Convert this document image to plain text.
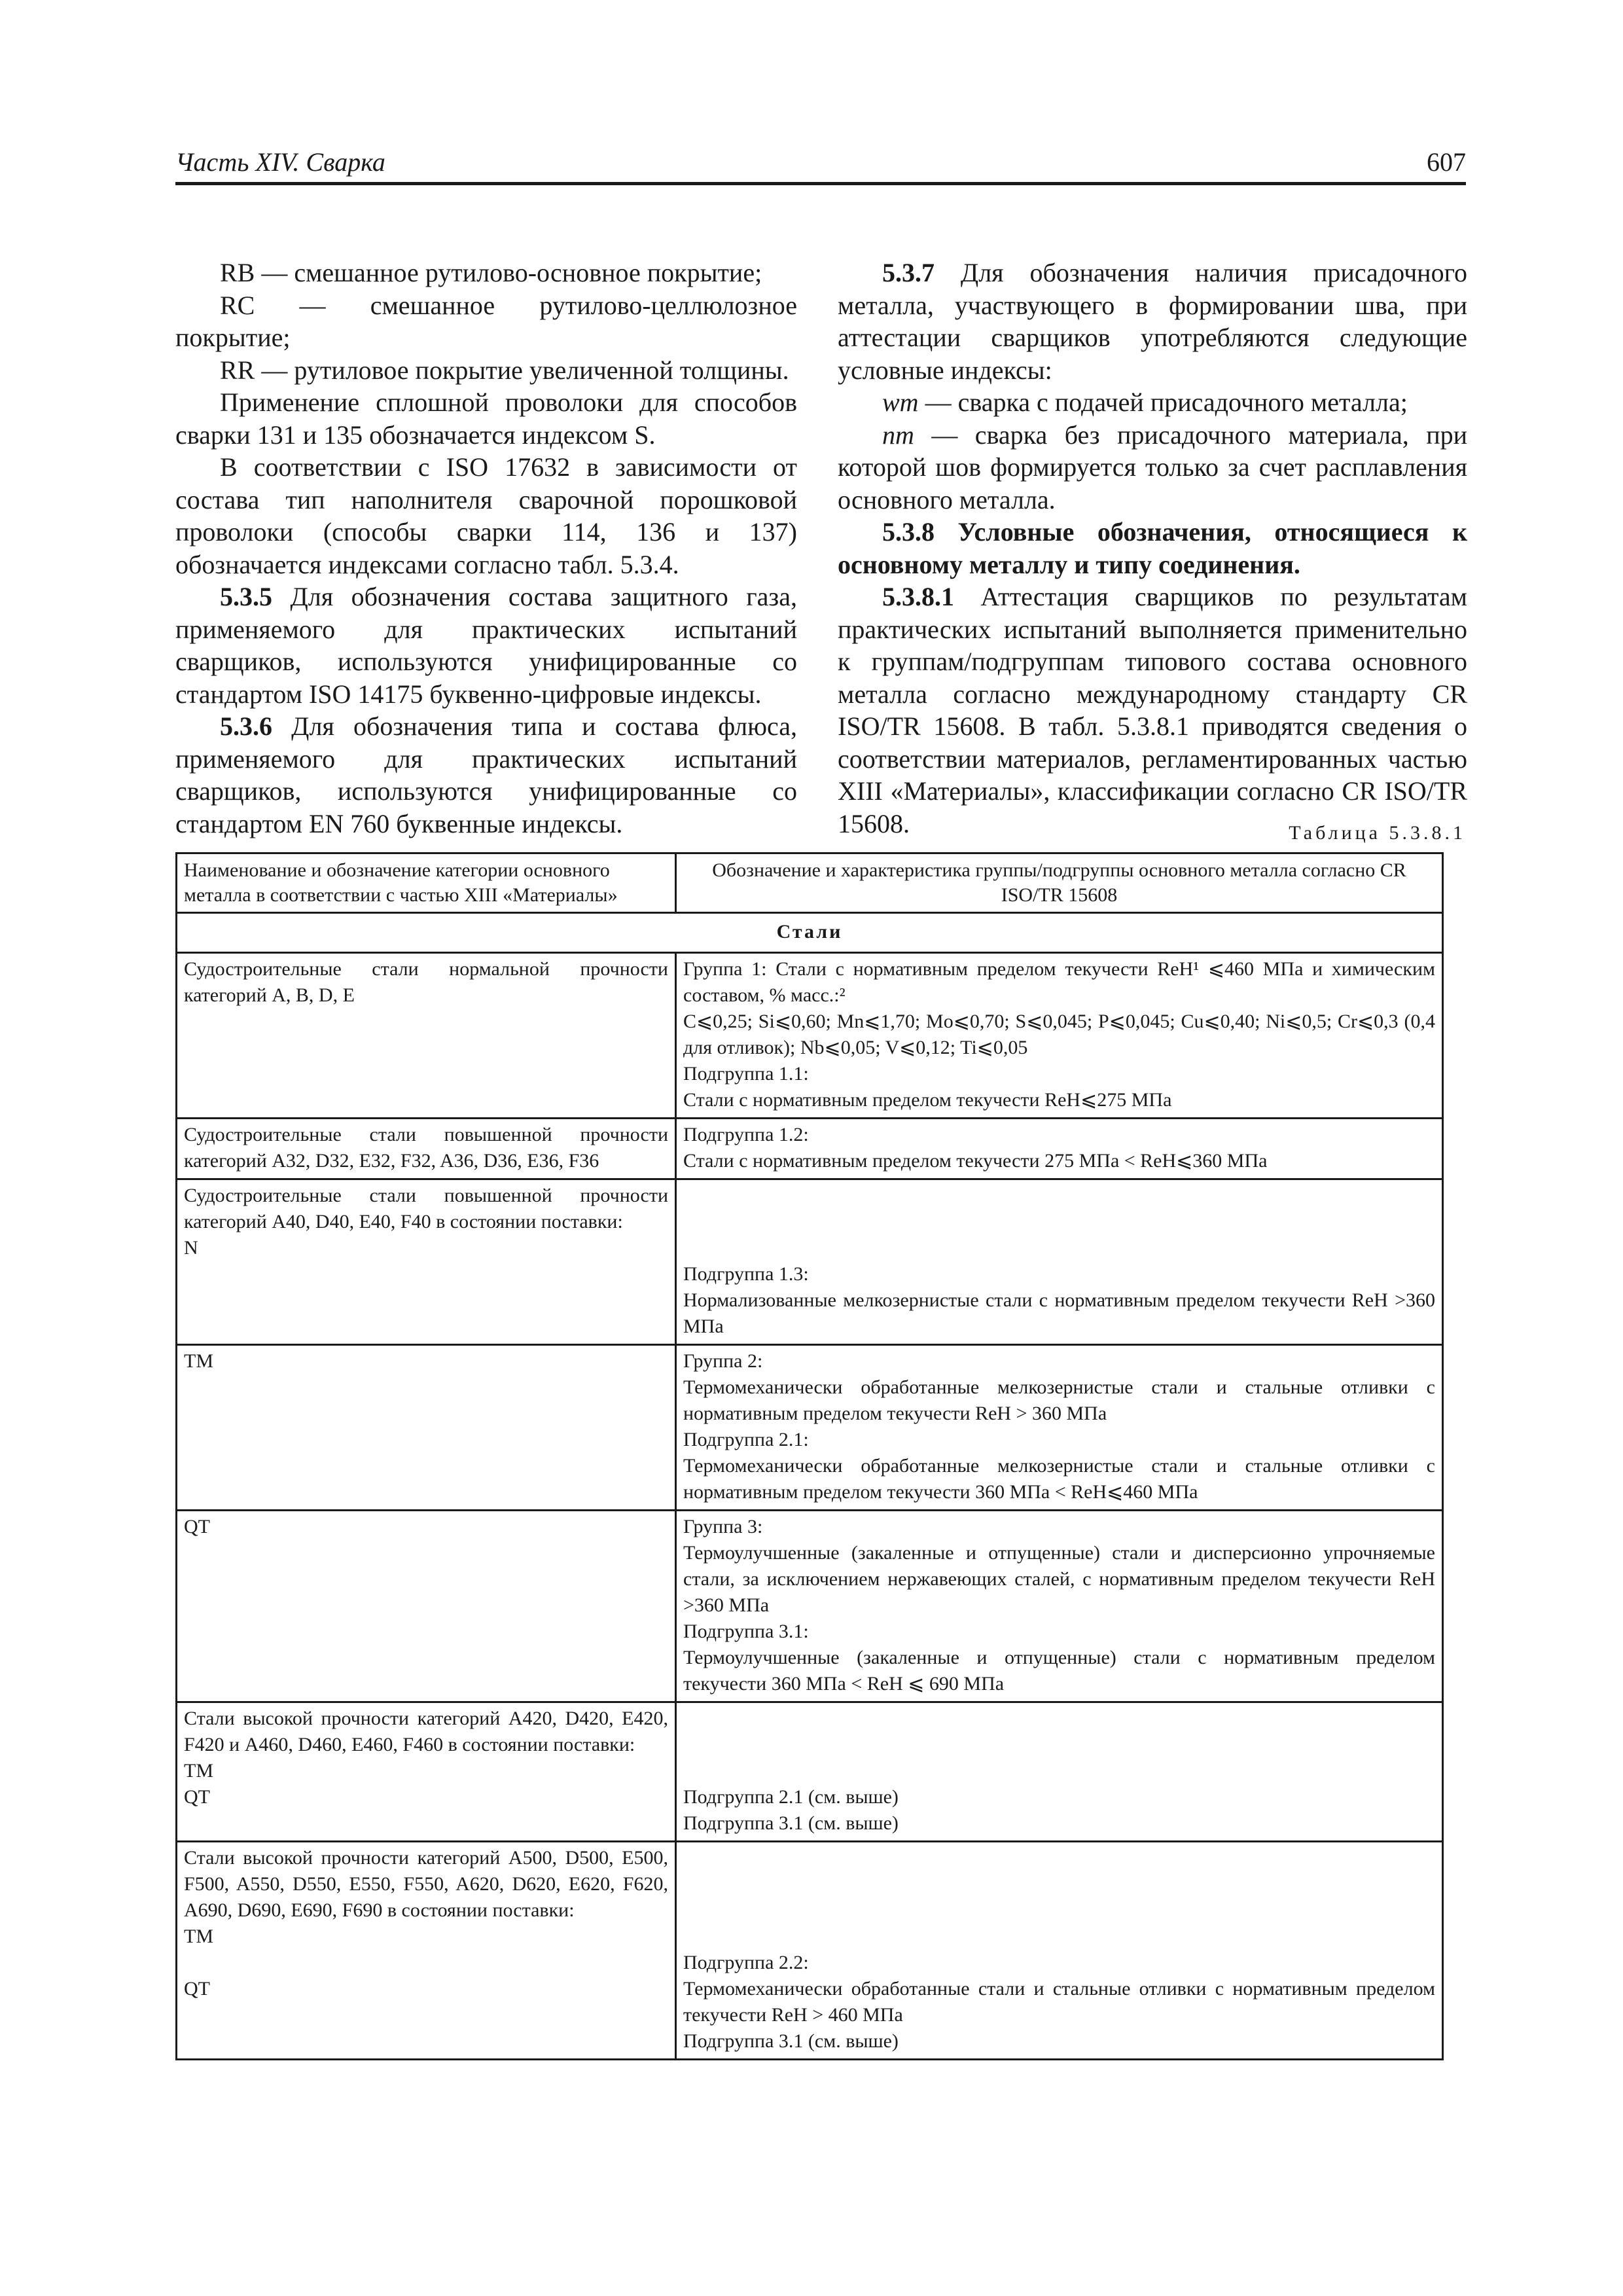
Часть XIV. Сварка	607

RB — смешанное рутилово-основное покрытие;

RC — смешанное рутилово-целлюлозное покрытие;

RR — рутиловое покрытие увеличенной толщины.

Применение сплошной проволоки для способов сварки 131 и 135 обозначается индексом S.

В соответствии с ISO 17632 в зависимости от состава тип наполнителя сварочной порошковой проволоки (способы сварки 114, 136 и 137) обозначается индексами согласно табл. 5.3.4.

5.3.5 Для обозначения состава защитного газа, применяемого для практических испытаний сварщиков, используются унифицированные со стандартом ISO 14175 буквенно-цифровые индексы.

5.3.6 Для обозначения типа и состава флюса, применяемого для практических испытаний сварщиков, используются унифицированные со стандартом EN 760 буквенные индексы.

5.3.7 Для обозначения наличия присадочного металла, участвующего в формировании шва, при аттестации сварщиков употребляются следующие условные индексы:

wm — сварка с подачей присадочного металла;

nm — сварка без присадочного материала, при которой шов формируется только за счет расплавления основного металла.

5.3.8 Условные обозначения, относящиеся к основному металлу и типу соединения.

5.3.8.1 Аттестация сварщиков по результатам практических испытаний выполняется применительно к группам/подгруппам типового состава основного металла согласно международному стандарту CR ISO/TR 15608. В табл. 5.3.8.1 приводятся сведения о соответствии материалов, регламентированных частью XIII «Материалы», классификации согласно CR ISO/TR 15608.	Таблица 5.3.8.1
Наименование и обозначение категории основного металла в соответствии с частью XIII «Материалы»	Обозначение и характеристика группы/подгруппы основного металла согласно CR ISO/TR 15608
Стали	
Судостроительные стали нормальной прочности категорий A, B, D, E	Группа 1: Стали с нормативным пределом текучести ReH¹ ⩽460 МПа и химическим составом, % масс.:²
C⩽0,25; Si⩽0,60; Mn⩽1,70; Mo⩽0,70; S⩽0,045; P⩽0,045; Cu⩽0,40; Ni⩽0,5; Cr⩽0,3 (0,4 для отливок); Nb⩽0,05; V⩽0,12; Ti⩽0,05
Подгруппа 1.1:
Стали с нормативным пределом текучести ReH⩽275 МПа

Судостроительные стали повышенной прочности категорий A32, D32, E32, F32, A36, D36, E36, F36	Подгруппа 1.2:
Стали с нормативным пределом текучести 275 МПа < ReH⩽360 МПа

Судостроительные стали повышенной прочности категорий A40, D40, E40, F40 в состоянии поставки:
N	Подгруппа 1.3:
Нормализованные мелкозернистые стали с нормативным пределом текучести ReH >360 МПа

TM	Группа 2:
Термомеханически обработанные мелкозернистые стали и стальные отливки с нормативным пределом текучести ReH > 360 МПа
Подгруппа 2.1:
Термомеханически обработанные мелкозернистые стали и стальные отливки с нормативным пределом текучести 360 МПа < ReH⩽460 МПа

QT	Группа 3:
Термоулучшенные (закаленные и отпущенные) стали и дисперсионно упрочняемые стали, за исключением нержавеющих сталей, с нормативным пределом текучести ReH >360 МПа
Подгруппа 3.1:
Термоулучшенные (закаленные и отпущенные) стали с нормативным пределом текучести 360 МПа < ReH ⩽ 690 МПа

Стали высокой прочности категорий A420, D420, E420, F420 и A460, D460, E460, F460 в состоянии поставки:
TM
QT	Подгруппа 2.1 (см. выше)
Подгруппа 3.1 (см. выше)

Стали высокой прочности категорий A500, D500, E500, F500, A550, D550, E550, F550, A620, D620, E620, F620, A690, D690, E690, F690 в состоянии поставки:
TM
QT	Подгруппа 2.2:
Термомеханически обработанные стали и стальные отливки с нормативным пределом текучести ReH > 460 МПа
Подгруппа 3.1 (см. выше)
